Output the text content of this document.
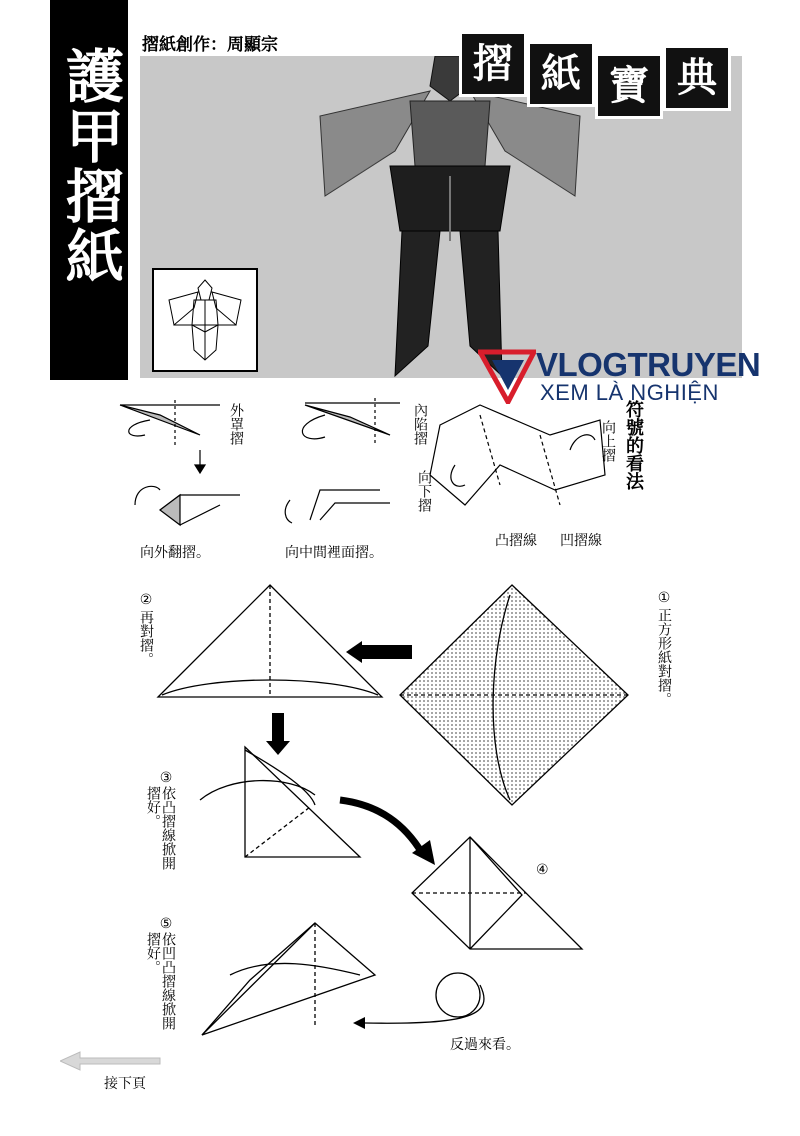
護甲摺紙
摺紙創作：周顯宗	摺 紙 寶 典
VLOGTRUYEN
XEM LÀ NGHIỆN
外罩摺	內陷摺	向上摺
向下摺
符號的看法
凸摺線 凹摺線
向外翻摺。	向中間裡面摺。
①
正方形紙對摺。
②
再對摺。
③
依凸摺線掀開摺好。
④
⑤
依凹凸摺線掀開摺好。
反過來看。
接下頁
